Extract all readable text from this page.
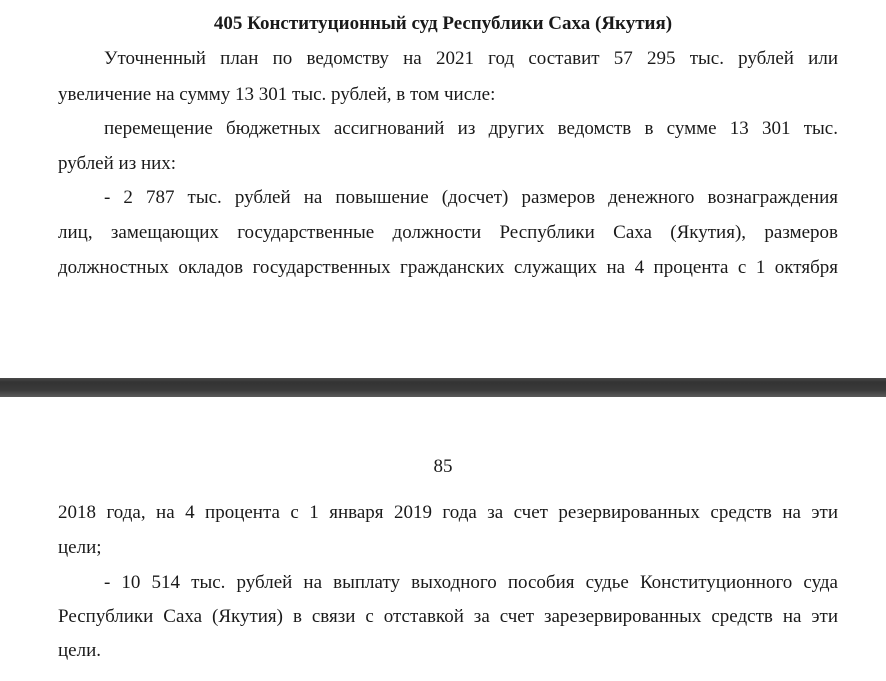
405 Конституционный суд Республики Саха (Якутия)
Уточненный план по ведомству на 2021 год составит 57 295 тыс. рублей или
увеличение на сумму 13 301 тыс. рублей, в том числе:
перемещение бюджетных ассигнований из других ведомств в сумме 13 301 тыс.
рублей из них:
- 2 787 тыс. рублей на повышение (досчет) размеров денежного вознаграждения
лиц, замещающих государственные должности Республики Саха (Якутия), размеров
должностных окладов государственных гражданских служащих на 4 процента с 1 октября
85
2018 года, на 4 процента с 1 января 2019 года за счет резервированных средств на эти
цели;
- 10 514 тыс. рублей на выплату выходного пособия судье Конституционного суда
Республики Саха (Якутия) в связи с отставкой за счет зарезервированных средств на эти
цели.
